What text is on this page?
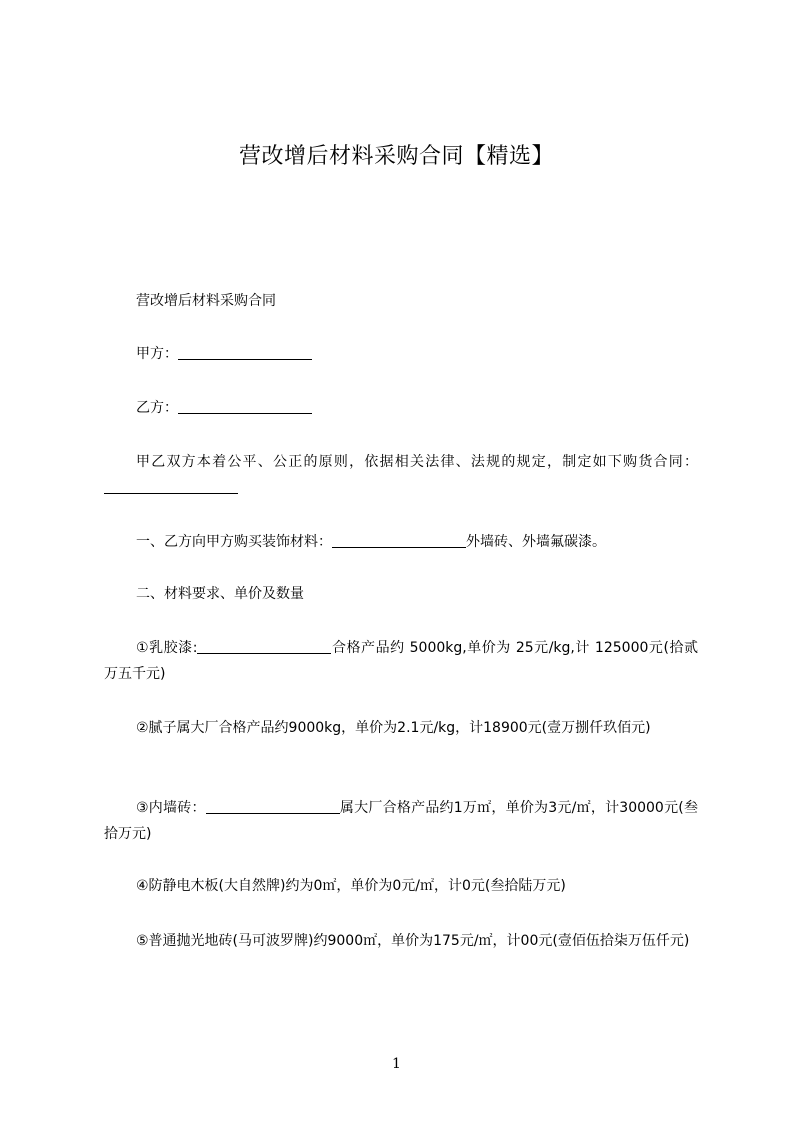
营改增后材料采购合同【精选】
营改增后材料采购合同
甲方：
乙方：
甲乙双方本着公平、公正的原则，依据相关法律、法规的规定，制定如下购货合同：
一、乙方向甲方购买装饰材料：	外墙砖、外墙氟碳漆。
二、材料要求、单价及数量
①乳胶漆:	合格产品约 5000kg,单价为 25元/kg,计 125000元(拾贰万五千元)
②腻子属大厂合格产品约9000kg，单价为2.1元/kg，计18900元(壹万捌仟玖佰元)
③内墙砖：	属大厂合格产品约1万㎡，单价为3元/㎡，计30000元(叁拾万元)
④防静电木板(大自然牌)约为0㎡，单价为0元/㎡，计0元(叁拾陆万元)
⑤普通抛光地砖(马可波罗牌)约9000㎡，单价为175元/㎡，计00元(壹佰伍拾柒万伍仟元)
1
